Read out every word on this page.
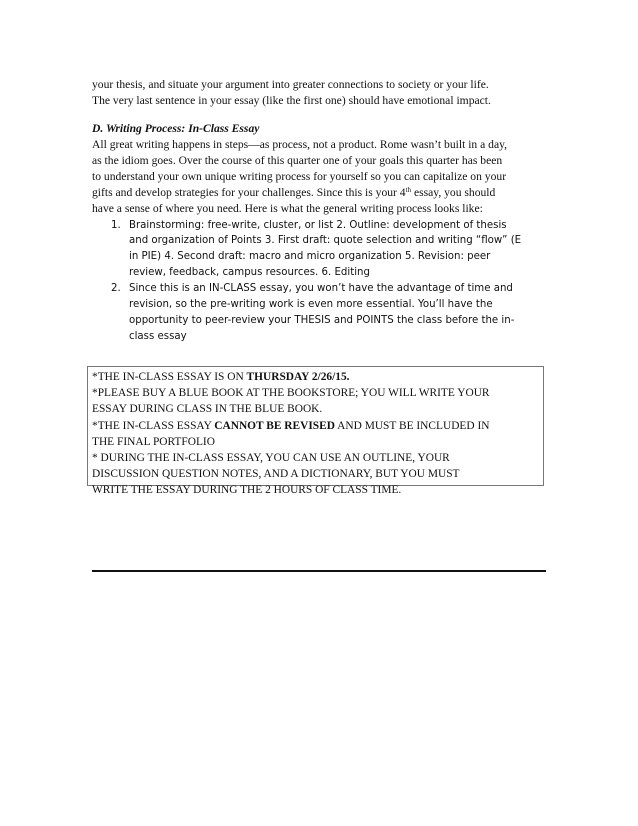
your thesis, and situate your argument into greater connections to society or your life.

The very last sentence in your essay (like the first one) should have emotional impact.

D. Writing Process: In-Class Essay

All great writing happens in steps—as process, not a product. Rome wasn’t built in a day,

as the idiom goes. Over the course of this quarter one of your goals this quarter has been

to understand your own unique writing process for yourself so you can capitalize on your

gifts and develop strategies for your challenges. Since this is your 4th essay, you should

have a sense of where you need. Here is what the general writing process looks like:

1. Brainstorming: free-write, cluster, or list 2. Outline: development of thesis
and organization of Points 3. First draft: quote selection and writing “flow” (E
in PIE) 4. Second draft: macro and micro organization 5. Revision: peer
review, feedback, campus resources. 6. Editing
2. Since this is an IN-CLASS essay, you won’t have the advantage of time and
revision, so the pre-writing work is even more essential. You’ll have the
opportunity to peer-review your THESIS and POINTS the class before the in-
class essay

*THE IN-CLASS ESSAY IS ON THURSDAY 2/26/15.

*PLEASE BUY A BLUE BOOK AT THE BOOKSTORE; YOU WILL WRITE YOUR

ESSAY DURING CLASS IN THE BLUE BOOK.

*THE IN-CLASS ESSAY CANNOT BE REVISED AND MUST BE INCLUDED IN

THE FINAL PORTFOLIO

* DURING THE IN-CLASS ESSAY, YOU CAN USE AN OUTLINE, YOUR

DISCUSSION QUESTION NOTES, AND A DICTIONARY, BUT YOU MUST

WRITE THE ESSAY DURING THE 2 HOURS OF CLASS TIME.
